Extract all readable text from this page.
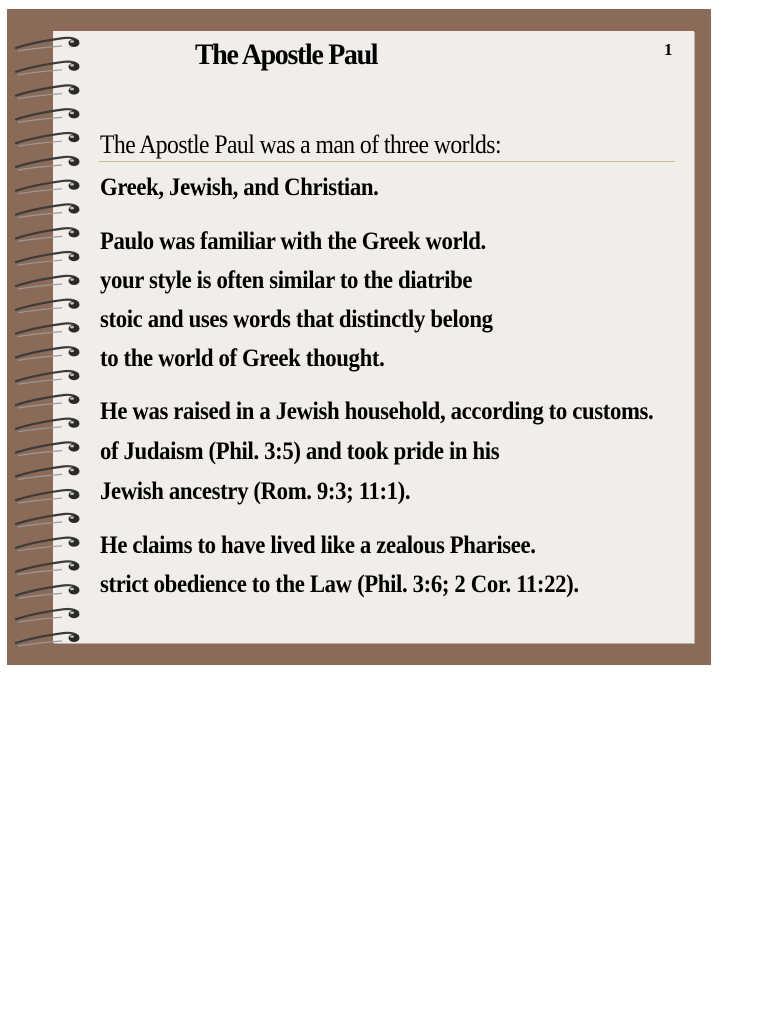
The Apostle Paul	1
The Apostle Paul was a man of three worlds:
Greek, Jewish, and Christian.
Paulo was familiar with the Greek world.
your style is often similar to the diatribe
stoic and uses words that distinctly belong
to the world of Greek thought.
He was raised in a Jewish household, according to customs.
of Judaism (Phil. 3:5) and took pride in his
Jewish ancestry (Rom. 9:3; 11:1).
He claims to have lived like a zealous Pharisee.
strict obedience to the Law (Phil. 3:6; 2 Cor. 11:22).
